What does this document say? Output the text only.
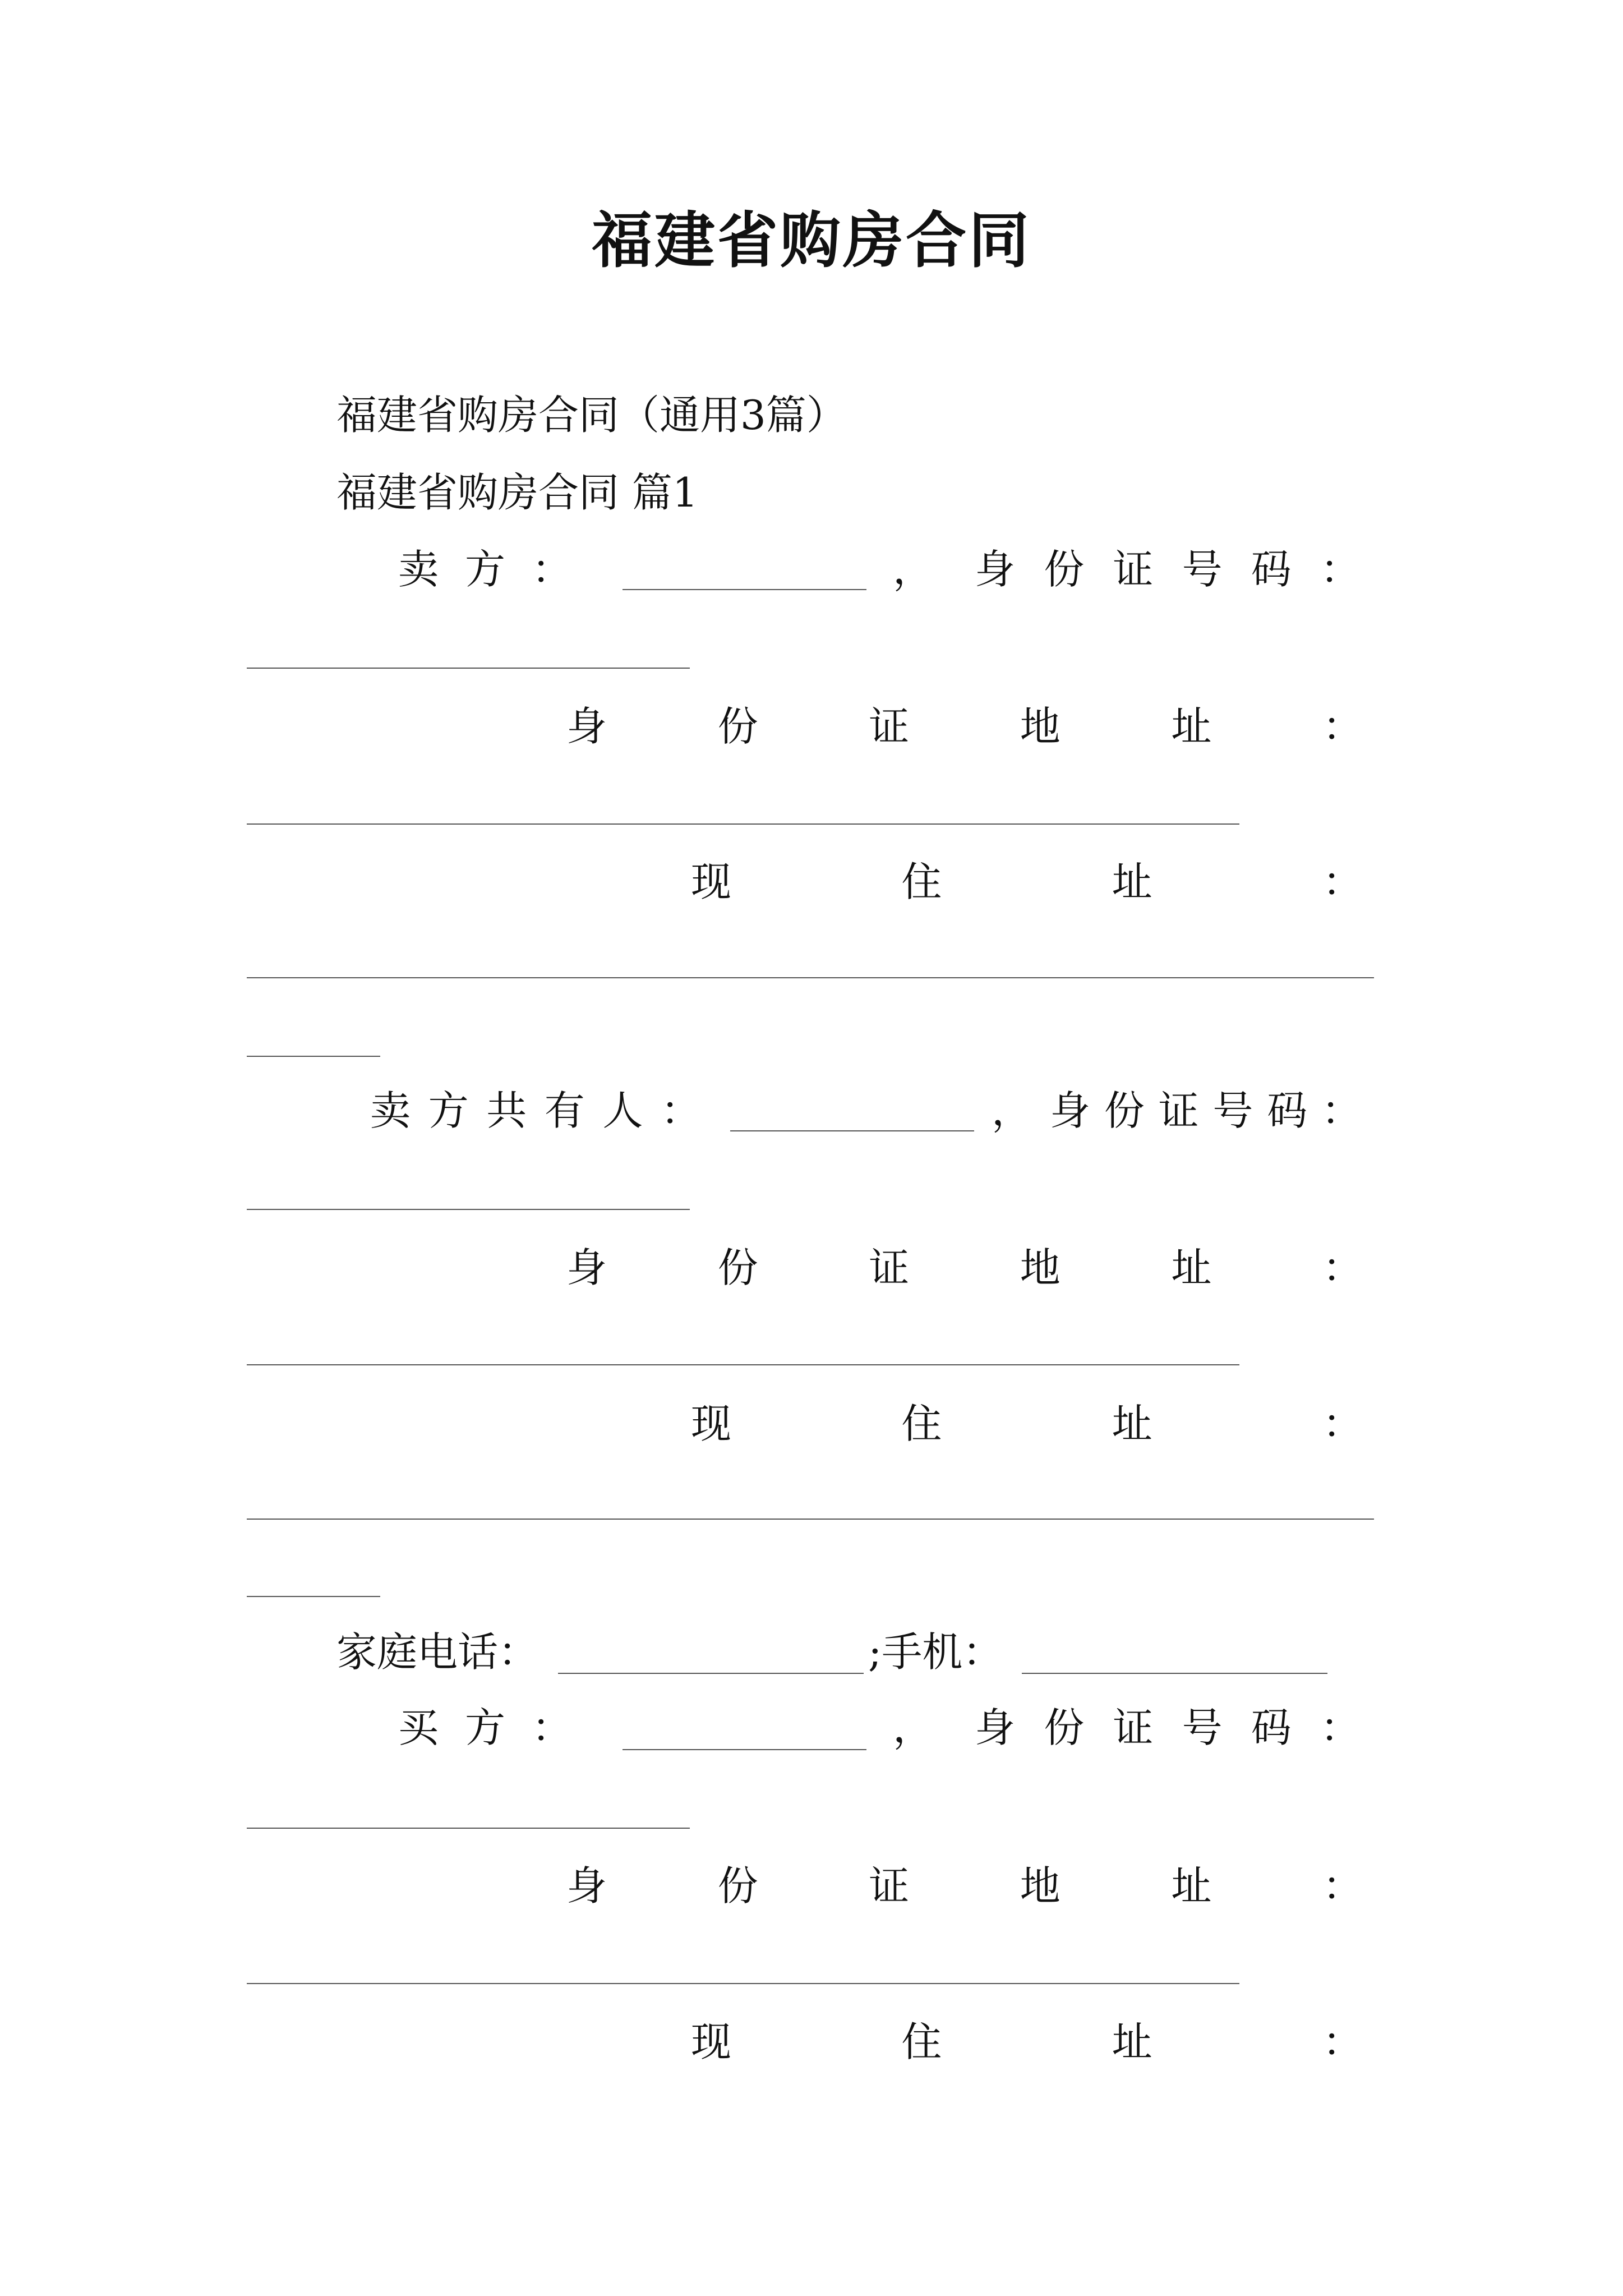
福建省购房合同
福建省购房合同（通用3篇）
福建省购房合同 篇1
卖 方 ：	， 身 份 证 号 码 ：
身	份	证	地	址	：
现	住	址	：
卖 方 共 有 人 ：	， 身 份 证 号 码 ：
身	份	证	地	址	：
现	住	址	：
家庭电话：	;手机：
买 方 ：	， 身 份 证 号 码 ：
身	份	证	地	址	：
现	住	址	：
